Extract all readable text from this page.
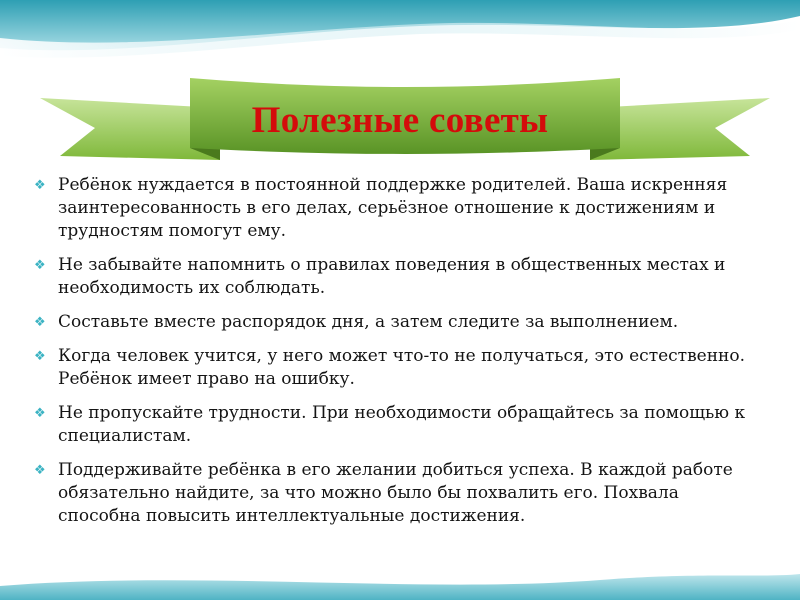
Полезные советы
❖ Ребёнок нуждается в постоянной поддержке родителей. Ваша искренняя заинтересованность в его делах, серьёзное отношение к достижениям и трудностям помогут ему.
❖ Не забывайте напомнить о правилах поведения в общественных местах и необходимость их соблюдать.
❖ Составьте вместе распорядок дня, а затем следите за выполнением.
❖ Когда человек учится, у него может что-то не получаться, это естественно. Ребёнок имеет право на ошибку.
❖ Не пропускайте трудности. При необходимости обращайтесь за помощью к специалистам.
❖ Поддерживайте ребёнка в его желании добиться успеха. В каждой работе обязательно найдите, за что можно было бы похвалить его. Похвала способна повысить интеллектуальные достижения.
